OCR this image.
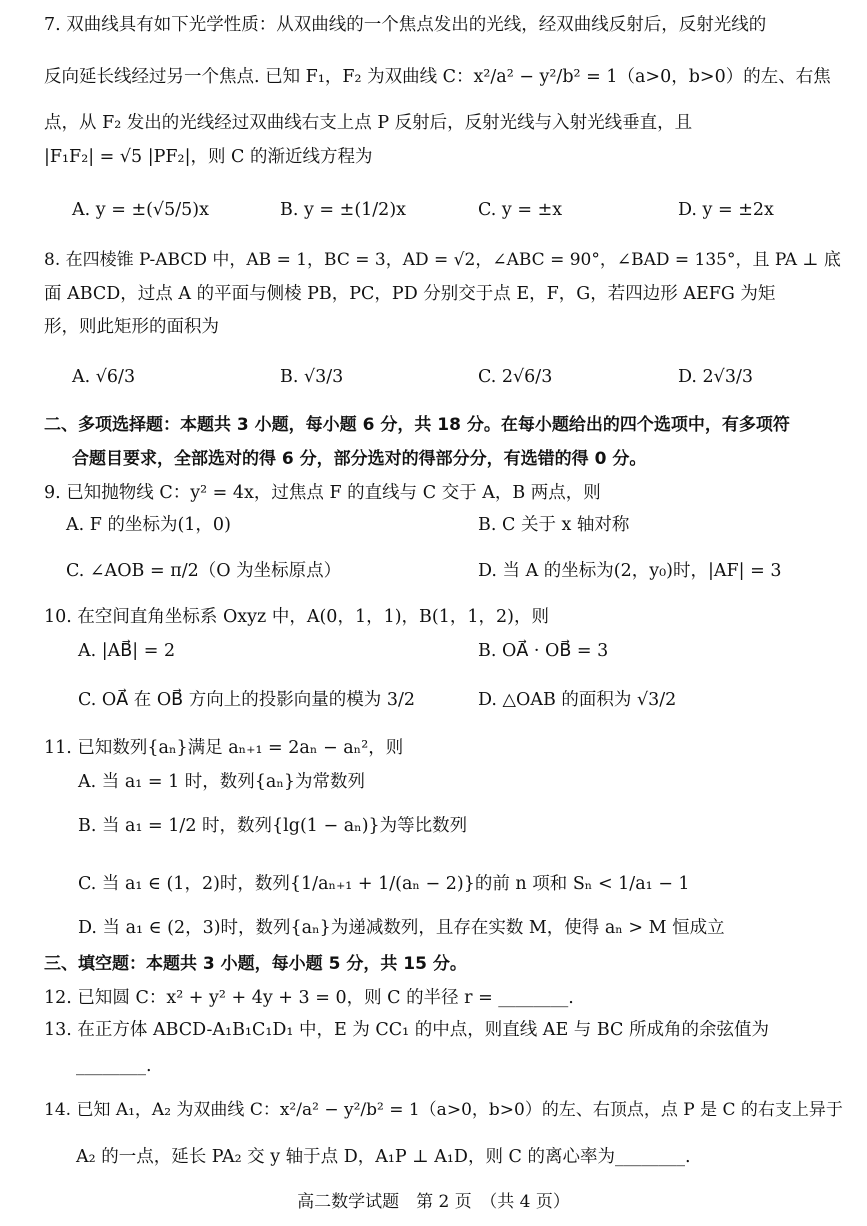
7. 双曲线具有如下光学性质：从双曲线的一个焦点发出的光线，经双曲线反射后，反射光线的
反向延长线经过另一个焦点. 已知 F₁，F₂ 为双曲线 C：x²/a² − y²/b² = 1（a>0，b>0）的左、右焦
点，从 F₂ 发出的光线经过双曲线右支上点 P 反射后，反射光线与入射光线垂直，且
|F₁F₂| = √5 |PF₂|，则 C 的渐近线方程为
A. y = ±(√5/5)x	B. y = ±(1/2)x	C. y = ±x	D. y = ±2x
8. 在四棱锥 P-ABCD 中，AB = 1，BC = 3，AD = √2，∠ABC = 90°，∠BAD = 135°，且 PA ⊥ 底
面 ABCD，过点 A 的平面与侧棱 PB，PC，PD 分别交于点 E，F，G，若四边形 AEFG 为矩
形，则此矩形的面积为
A. √6/3	B. √3/3	C. 2√6/3	D. 2√3/3
二、多项选择题：本题共 3 小题，每小题 6 分，共 18 分。在每小题给出的四个选项中，有多项符
合题目要求，全部选对的得 6 分，部分选对的得部分分，有选错的得 0 分。
9. 已知抛物线 C：y² = 4x，过焦点 F 的直线与 C 交于 A，B 两点，则
A. F 的坐标为(1，0)	B. C 关于 x 轴对称
C. ∠AOB = π/2（O 为坐标原点）	D. 当 A 的坐标为(2，y₀)时，|AF| = 3
10. 在空间直角坐标系 Oxyz 中，A(0，1，1)，B(1，1，2)，则
A. |AB⃗| = 2	B. OA⃗ · OB⃗ = 3
C. OA⃗ 在 OB⃗ 方向上的投影向量的模为 3/2	D. △OAB 的面积为 √3/2
11. 已知数列{aₙ}满足 aₙ₊₁ = 2aₙ − aₙ²，则
A. 当 a₁ = 1 时，数列{aₙ}为常数列
B. 当 a₁ = 1/2 时，数列{lg(1 − aₙ)}为等比数列
C. 当 a₁ ∈ (1，2)时，数列{1/aₙ₊₁ + 1/(aₙ − 2)}的前 n 项和 Sₙ < 1/a₁ − 1
D. 当 a₁ ∈ (2，3)时，数列{aₙ}为递减数列，且存在实数 M，使得 aₙ > M 恒成立
三、填空题：本题共 3 小题，每小题 5 分，共 15 分。
12. 已知圆 C：x² + y² + 4y + 3 = 0，则 C 的半径 r = ________.
13. 在正方体 ABCD-A₁B₁C₁D₁ 中，E 为 CC₁ 的中点，则直线 AE 与 BC 所成角的余弦值为
________.
14. 已知 A₁，A₂ 为双曲线 C：x²/a² − y²/b² = 1（a>0，b>0）的左、右顶点，点 P 是 C 的右支上异于
A₂ 的一点，延长 PA₂ 交 y 轴于点 D，A₁P ⊥ A₁D，则 C 的离心率为________.
高二数学试题　第 2 页　（共 4 页）
